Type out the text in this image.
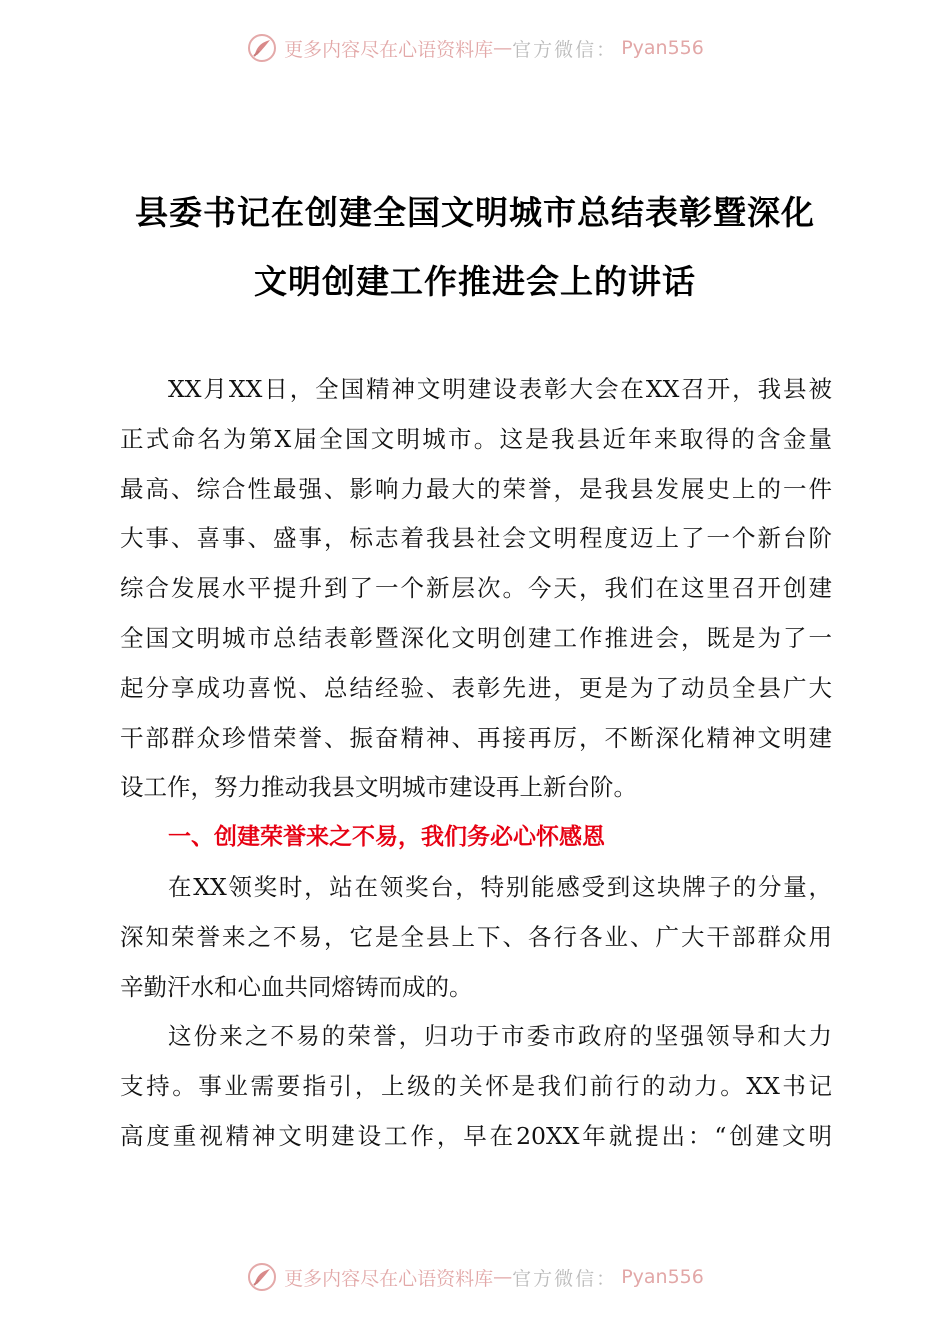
更多内容尽在心语资料库 — 官方微信： Pyan556
县委书记在创建全国文明城市总结表彰暨深化
文明创建工作推进会上的讲话
XX月XX日，全国精神文明建设表彰大会在XX召开，我县被
正式命名为第X届全国文明城市。这是我县近年来取得的含金量
最高、综合性最强、影响力最大的荣誉，是我县发展史上的一件
大事、喜事、盛事，标志着我县社会文明程度迈上了一个新台阶
综合发展水平提升到了一个新层次。今天，我们在这里召开创建
全国文明城市总结表彰暨深化文明创建工作推进会，既是为了一
起分享成功喜悦、总结经验、表彰先进，更是为了动员全县广大
干部群众珍惜荣誉、振奋精神、再接再厉，不断深化精神文明建
设工作，努力推动我县文明城市建设再上新台阶。
一、创建荣誉来之不易，我们务必心怀感恩
在XX领奖时，站在领奖台，特别能感受到这块牌子的分量，
深知荣誉来之不易，它是全县上下、各行各业、广大干部群众用
辛勤汗水和心血共同熔铸而成的。
这份来之不易的荣誉，归功于市委市政府的坚强领导和大力
支持。事业需要指引，上级的关怀是我们前行的动力。XX书记
高度重视精神文明建设工作，早在20XX年就提出：“创建文明
更多内容尽在心语资料库 — 官方微信： Pyan556
